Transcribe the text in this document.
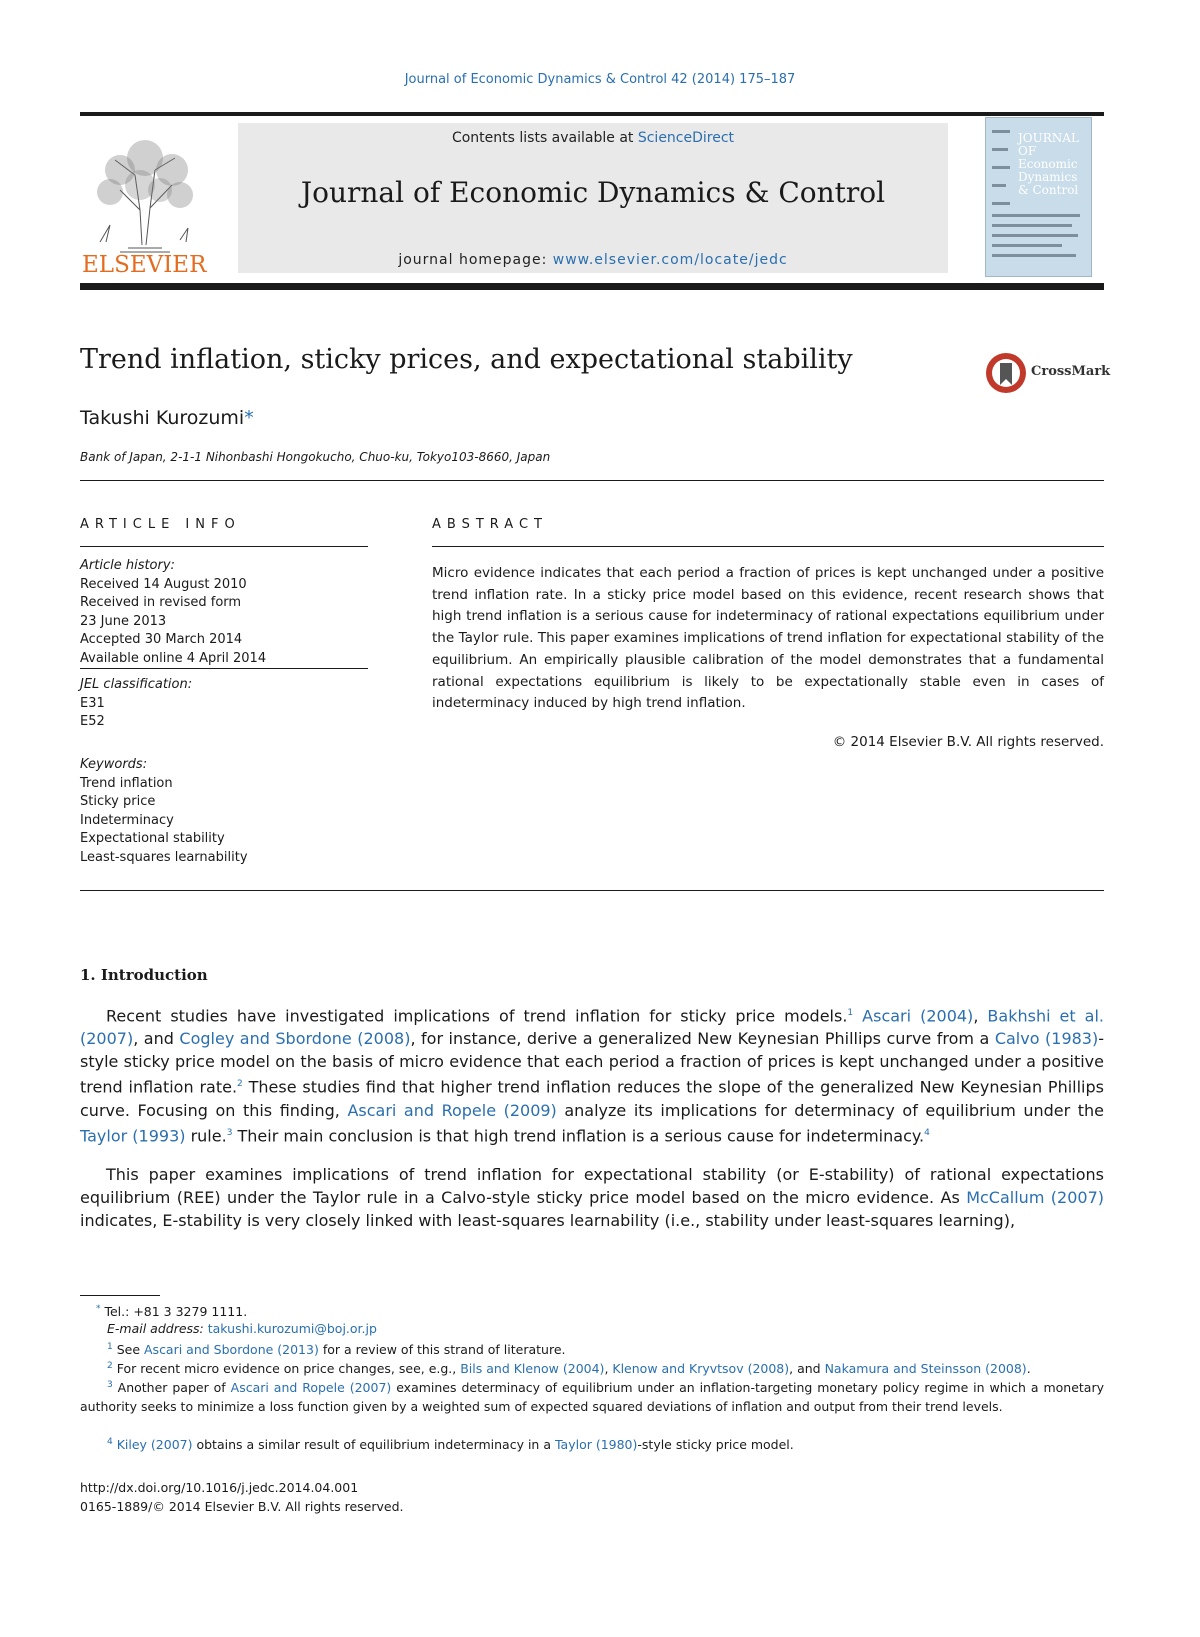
Journal of Economic Dynamics & Control 42 (2014) 175–187
ELSEVIER
Contents lists available at ScienceDirect
Journal of Economic Dynamics & Control
journal homepage: www.elsevier.com/locate/jedc
JOURNAL OF Economic Dynamics & Control
Trend inflation, sticky prices, and expectational stability	CrossMark
Takushi Kurozumi*
Bank of Japan, 2-1-1 Nihonbashi Hongokucho, Chuo-ku, Tokyo103-8660, Japan
ARTICLE INFO
Article history:
Received 14 August 2010
Received in revised form
23 June 2013
Accepted 30 March 2014
Available online 4 April 2014
JEL classification:
E31
E52
Keywords:
Trend inflation
Sticky price
Indeterminacy
Expectational stability
Least-squares learnability
ABSTRACT
Micro evidence indicates that each period a fraction of prices is kept unchanged under a positive trend inflation rate. In a sticky price model based on this evidence, recent research shows that high trend inflation is a serious cause for indeterminacy of rational expectations equilibrium under the Taylor rule. This paper examines implications of trend inflation for expectational stability of the equilibrium. An empirically plausible calibration of the model demonstrates that a fundamental rational expectations equilibrium is likely to be expectationally stable even in cases of indeterminacy induced by high trend inflation.
© 2014 Elsevier B.V. All rights reserved.
1. Introduction
Recent studies have investigated implications of trend inflation for sticky price models.$^1$ Ascari (2004), Bakhshi et al. (2007), and Cogley and Sbordone (2008), for instance, derive a generalized New Keynesian Phillips curve from a Calvo (1983)-style sticky price model on the basis of micro evidence that each period a fraction of prices is kept unchanged under a positive trend inflation rate.$^2$ These studies find that higher trend inflation reduces the slope of the generalized New Keynesian Phillips curve. Focusing on this finding, Ascari and Ropele (2009) analyze its implications for determinacy of equilibrium under the Taylor (1993) rule.$^3$ Their main conclusion is that high trend inflation is a serious cause for indeterminacy.$^4$
This paper examines implications of trend inflation for expectational stability (or E-stability) of rational expectations equilibrium (REE) under the Taylor rule in a Calvo-style sticky price model based on the micro evidence. As McCallum (2007) indicates, E-stability is very closely linked with least-squares learnability (i.e., stability under least-squares learning),
* Tel.: +81 3 3279 1111.
E-mail address: takushi.kurozumi@boj.or.jp
$^1$ See Ascari and Sbordone (2013) for a review of this strand of literature.
$^2$ For recent micro evidence on price changes, see, e.g., Bils and Klenow (2004), Klenow and Kryvtsov (2008), and Nakamura and Steinsson (2008).
$^3$ Another paper of Ascari and Ropele (2007) examines determinacy of equilibrium under an inflation-targeting monetary policy regime in which a monetary authority seeks to minimize a loss function given by a weighted sum of expected squared deviations of inflation and output from their trend levels.
$^4$ Kiley (2007) obtains a similar result of equilibrium indeterminacy in a Taylor (1980)-style sticky price model.
http://dx.doi.org/10.1016/j.jedc.2014.04.001
0165-1889/© 2014 Elsevier B.V. All rights reserved.
